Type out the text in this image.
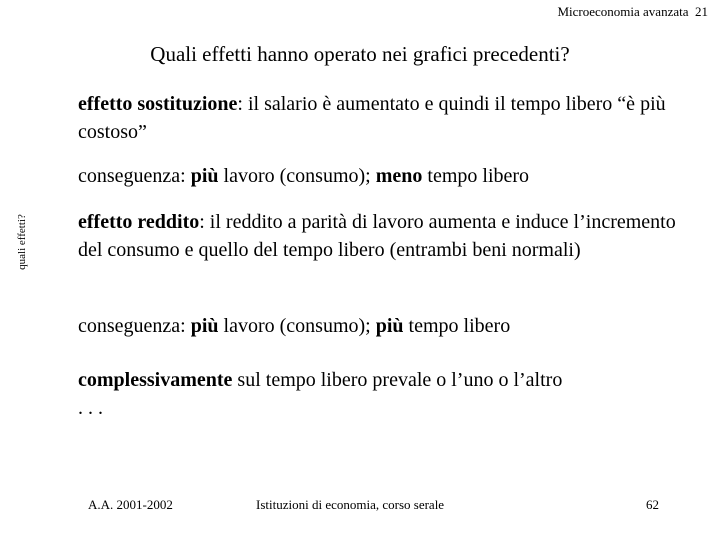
Microeconomia avanzata 21
Quali effetti hanno operato nei grafici precedenti?
quali effetti?
effetto sostituzione: il salario è aumentato e quindi il tempo libero “è più costoso”
conseguenza: più lavoro (consumo); meno tempo libero
effetto reddito: il reddito a parità di lavoro aumenta e induce l’incremento del consumo e quello del tempo libero (entrambi beni normali)
conseguenza: più lavoro (consumo); più tempo libero
complessivamente sul tempo libero prevale o l’uno o l’altro
. . .
A.A. 2001-2002	Istituzioni di economia, corso serale	62
